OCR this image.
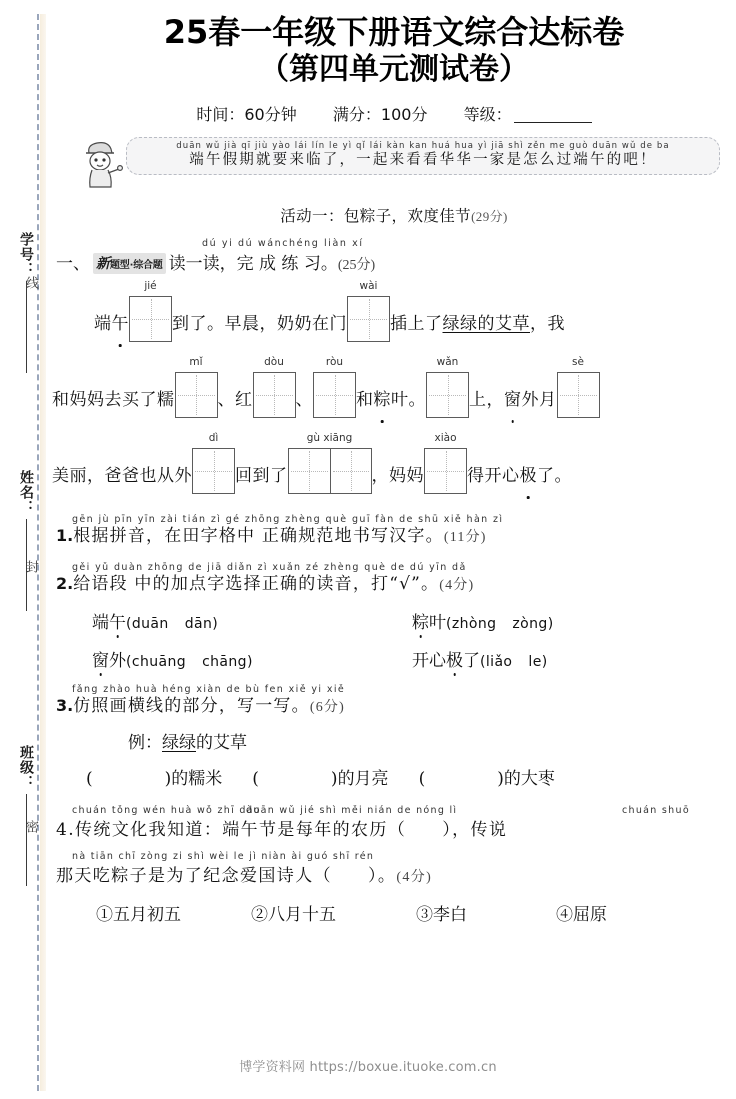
学号：
姓名：
班级：
线
封
密
25春一年级下册语文综合达标卷
（第四单元测试卷）
时间：60分钟 满分：100分 等级：
duān wǔ jià qī jiù yào lái lín le yì qǐ lái kàn kan huá hua yì jiā shì zěn me guò duān wǔ de ba
端午假期就要来临了，一起来看看华华一家是怎么过端午的吧！
活动一：包粽子，欢度佳节(29分)
dú yi dú wánchéng liàn xí
一、 新题型·综合题 读一读，完 成 练 习。(25分)
端 午
jié
到了。早晨，奶奶在门
wài
插上了 绿绿的艾草 ，我
和妈妈去买了糯
mǐ
、红
dòu
、
ròu
和 粽 叶。
wǎn
上， 窗 外月
sè
美丽，爸爸也从外
dì
回到了
gù xiāng
，妈妈
xiào
得开心 极 了。
gēn jù pīn yīn zài tián zì gé zhōng zhèng què guī fàn de shū xiě hàn zì
1.根据拼音，在田字格中 正确规范地书写汉字。(11分)
gěi yǔ duàn zhōng de jiā diǎn zì xuǎn zé zhèng què de dú yīn dǎ
2.给语段 中的加点字选择正确的读音，打“√”。(4分)
端午(duān dān)	粽叶(zhòng zòng)
窗外(chuāng chāng)	开心极了(liǎo le)
fǎng zhào huà héng xiàn de bù fen xiě yi xiě
3.仿照画横线的部分，写一写。(6分)
例：绿绿的艾草
(	)的糯米 (	)的月亮 (	)的大枣
chuán tǒng wén huà wǒ zhī dào
duān wǔ jié shì měi nián de nóng lì	chuán shuō
4.传统文化我知道：端午节是每年的农历（ ），传说
nà tiān chī zòng zi shì wèi le jì niàn ài guó shī rén
那天吃粽子是为了纪念爱国诗人（ ）。(4分)
①五月初五	②八月十五	③李白	④屈原
博学资料网 https://boxue.ituoke.com.cn
